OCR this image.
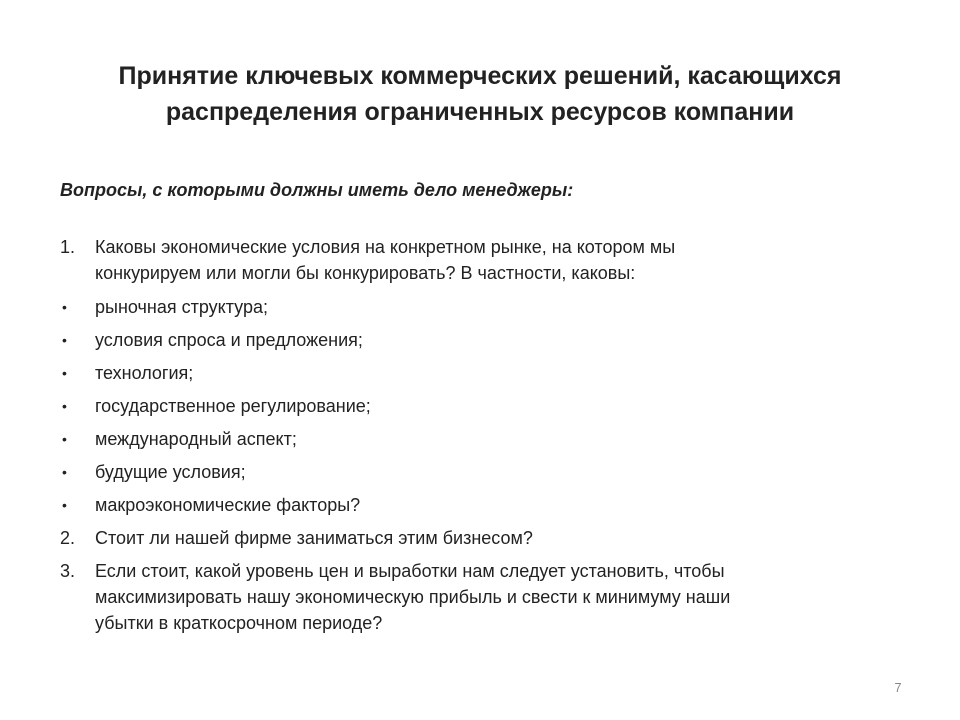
Принятие ключевых коммерческих решений, касающихся
распределения ограниченных ресурсов компании
Вопросы, с которыми должны иметь дело менеджеры:
1.	Каковы экономические условия на конкретном рынке, на котором мы
конкурируем или могли бы конкурировать? В частности, каковы:
•	рыночная структура;
•	условия спроса и предложения;
•	технология;
•	государственное регулирование;
•	международный аспект;
•	будущие условия;
•	макроэкономические факторы?
2.	Стоит ли нашей фирме заниматься этим бизнесом?
3.	Если стоит, какой уровень цен и выработки нам следует установить, чтобы
максимизировать нашу экономическую прибыль и свести к минимуму наши
убытки в краткосрочном периоде?
7
